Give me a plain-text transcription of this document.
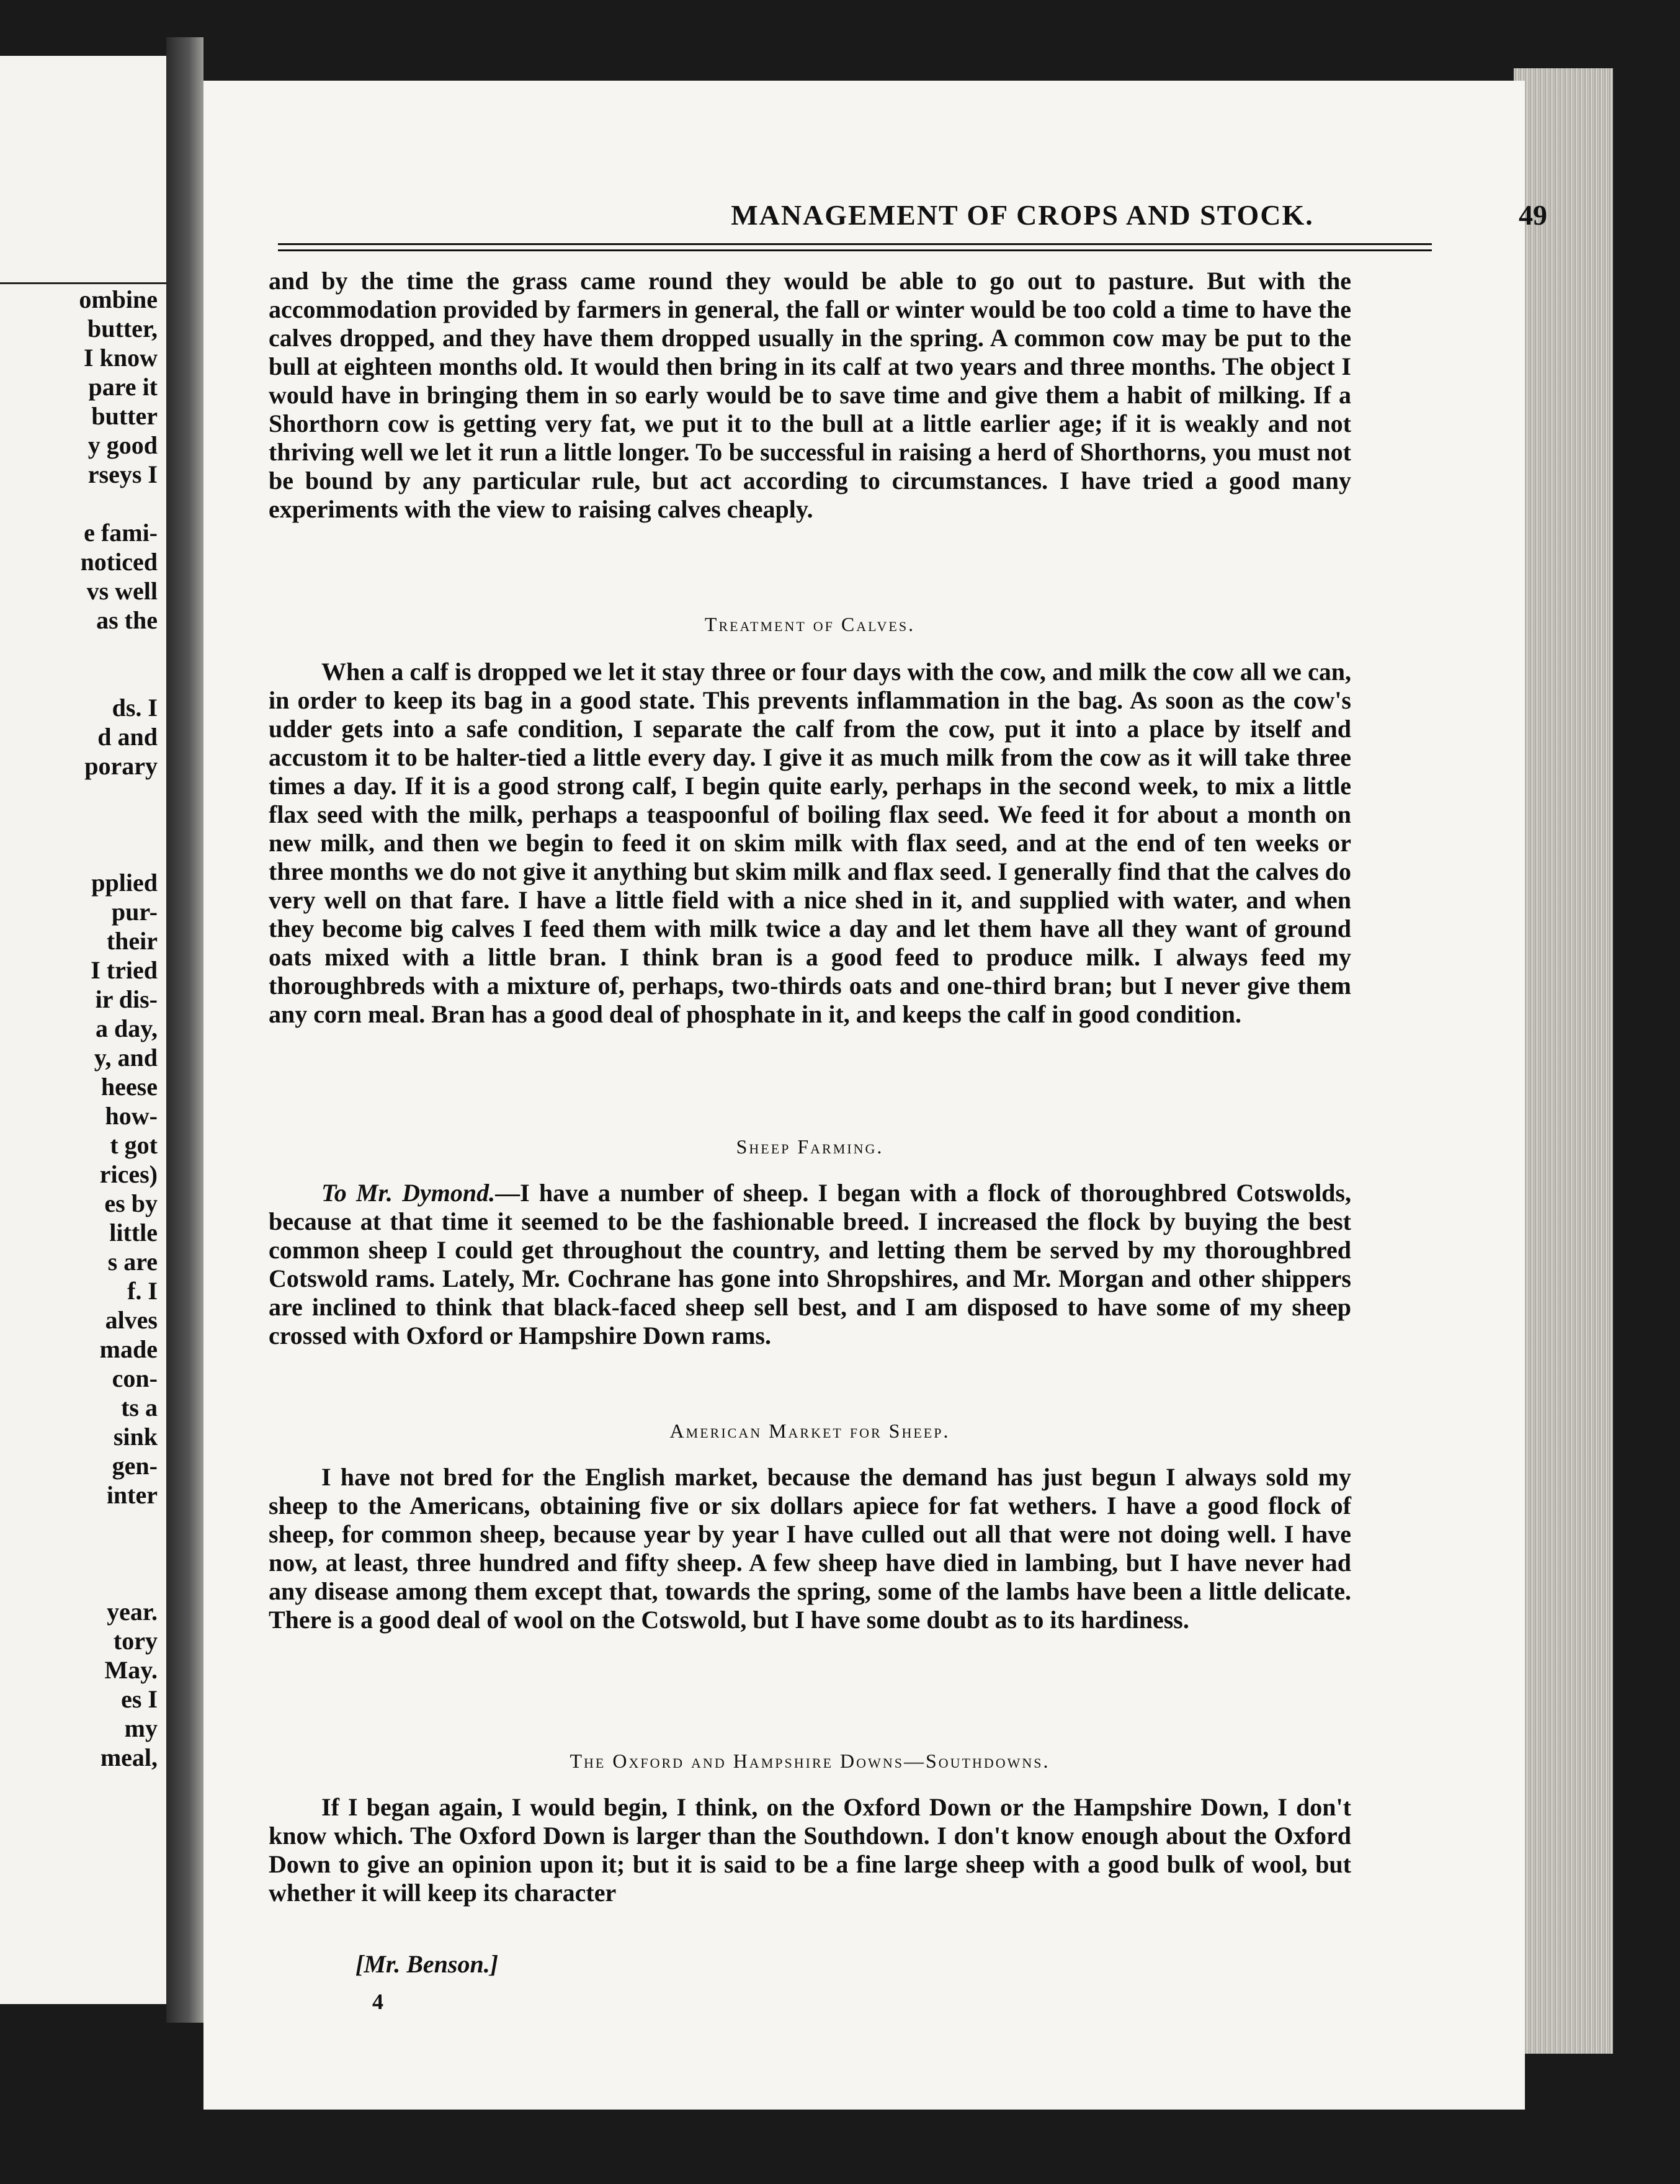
ombine
butter,
I know
pare it
butter
y good
rseys I
e fami-
noticed
vs well
as the
ds. I
d and
porary
pplied
pur-
their
I tried
ir dis-
a day,
y, and
heese
how-
t got
rices)
es by
little
s are
f. I
alves
made
con-
ts a
sink
gen-
inter
year.
tory
May.
es I
my
meal,
MANAGEMENT OF CROPS AND STOCK.	49

and by the time the grass came round they would be able to go out to pasture. But with the accommodation provided by farmers in general, the fall or winter would be too cold a time to have the calves dropped, and they have them dropped usually in the spring. A common cow may be put to the bull at eighteen months old. It would then bring in its calf at two years and three months. The object I would have in bringing them in so early would be to save time and give them a habit of milking. If a Shorthorn cow is getting very fat, we put it to the bull at a little earlier age; if it is weakly and not thriving well we let it run a little longer. To be successful in raising a herd of Shorthorns, you must not be bound by any particular rule, but act according to circumstances. I have tried a good many experiments with the view to raising calves cheaply.

Treatment of Calves.

When a calf is dropped we let it stay three or four days with the cow, and milk the cow all we can, in order to keep its bag in a good state. This prevents inflammation in the bag. As soon as the cow's udder gets into a safe condition, I separate the calf from the cow, put it into a place by itself and accustom it to be halter-tied a little every day. I give it as much milk from the cow as it will take three times a day. If it is a good strong calf, I begin quite early, perhaps in the second week, to mix a little flax seed with the milk, perhaps a teaspoonful of boiling flax seed. We feed it for about a month on new milk, and then we begin to feed it on skim milk with flax seed, and at the end of ten weeks or three months we do not give it anything but skim milk and flax seed. I generally find that the calves do very well on that fare. I have a little field with a nice shed in it, and supplied with water, and when they become big calves I feed them with milk twice a day and let them have all they want of ground oats mixed with a little bran. I think bran is a good feed to produce milk. I always feed my thoroughbreds with a mixture of, perhaps, two-thirds oats and one-third bran; but I never give them any corn meal. Bran has a good deal of phosphate in it, and keeps the calf in good condition.

Sheep Farming.

To Mr. Dymond.—I have a number of sheep. I began with a flock of thoroughbred Cotswolds, because at that time it seemed to be the fashionable breed. I increased the flock by buying the best common sheep I could get throughout the country, and letting them be served by my thoroughbred Cotswold rams. Lately, Mr. Cochrane has gone into Shropshires, and Mr. Morgan and other shippers are inclined to think that black-faced sheep sell best, and I am disposed to have some of my sheep crossed with Oxford or Hampshire Down rams.

American Market for Sheep.

I have not bred for the English market, because the demand has just begun I always sold my sheep to the Americans, obtaining five or six dollars apiece for fat wethers. I have a good flock of sheep, for common sheep, because year by year I have culled out all that were not doing well. I have now, at least, three hundred and fifty sheep. A few sheep have died in lambing, but I have never had any disease among them except that, towards the spring, some of the lambs have been a little delicate. There is a good deal of wool on the Cotswold, but I have some doubt as to its hardiness.

The Oxford and Hampshire Downs—Southdowns.

If I began again, I would begin, I think, on the Oxford Down or the Hampshire Down, I don't know which. The Oxford Down is larger than the Southdown. I don't know enough about the Oxford Down to give an opinion upon it; but it is said to be a fine large sheep with a good bulk of wool, but whether it will keep its character

[Mr. Benson.]
4
